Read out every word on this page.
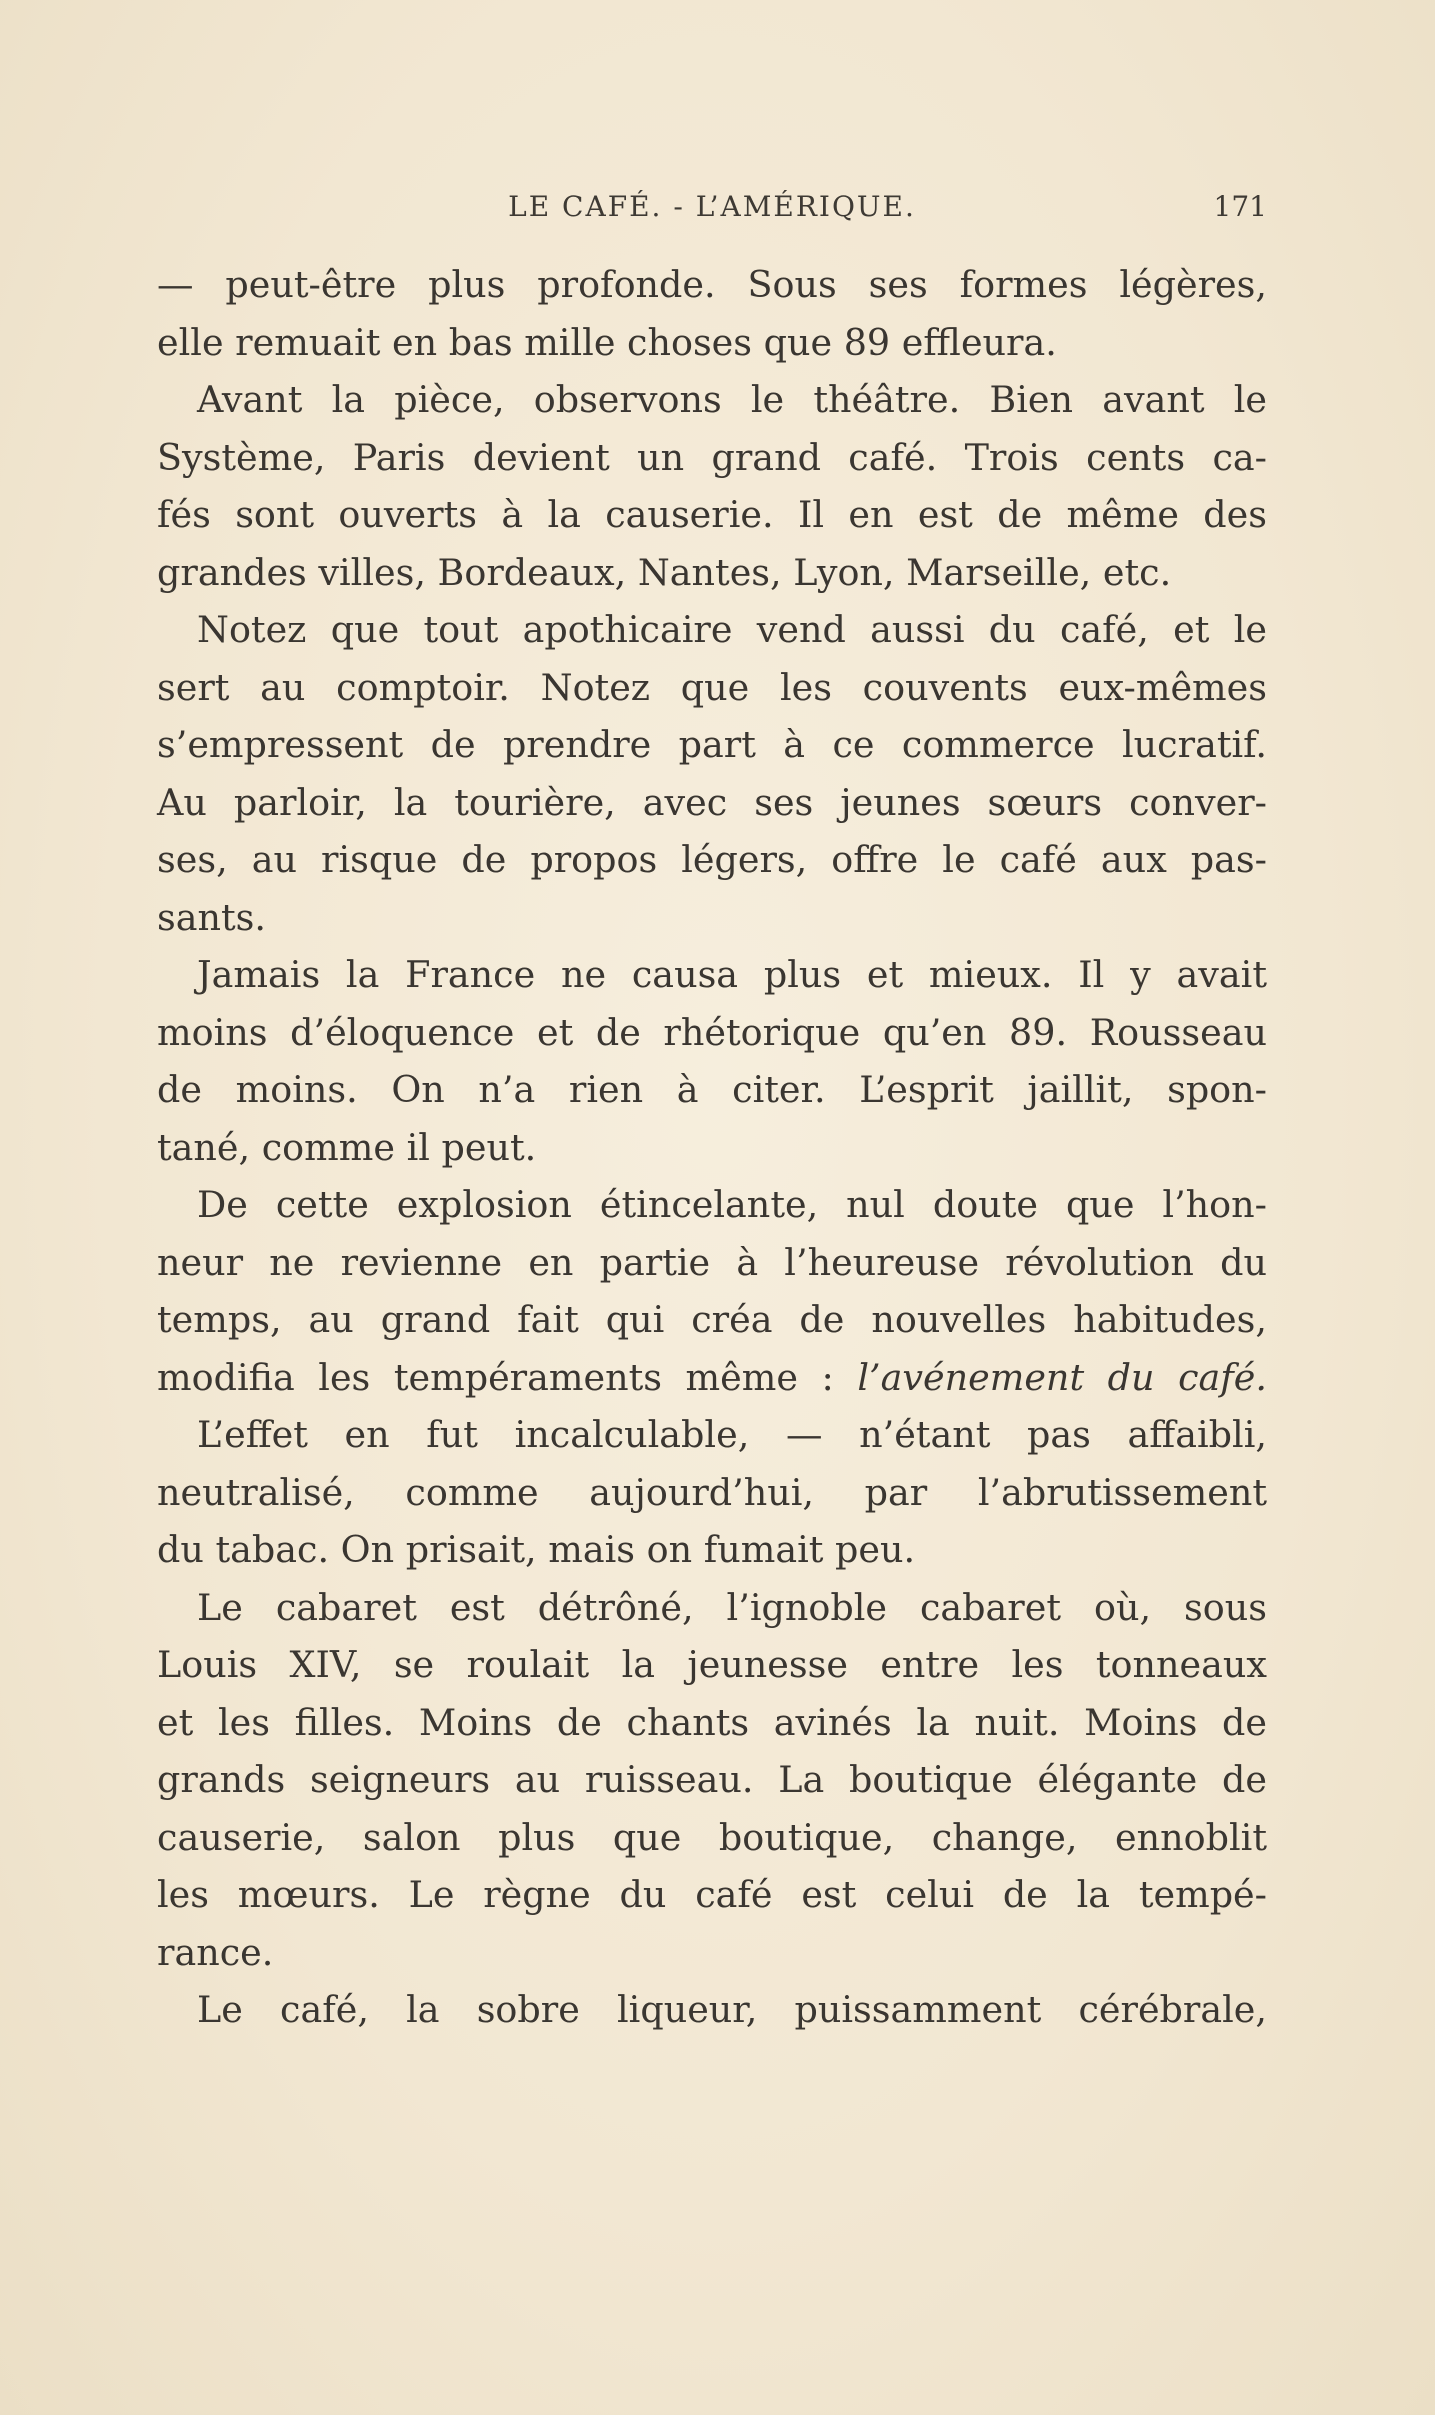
LE CAFÉ. - L’AMÉRIQUE.	171
— peut-être plus profonde. Sous ses formes légères,
elle remuait en bas mille choses que 89 effleura.
Avant la pièce, observons le théâtre. Bien avant le
Système, Paris devient un grand café. Trois cents ca-
fés sont ouverts à la causerie. Il en est de même des
grandes villes, Bordeaux, Nantes, Lyon, Marseille, etc.
Notez que tout apothicaire vend aussi du café, et le
sert au comptoir. Notez que les couvents eux-mêmes
s’empressent de prendre part à ce commerce lucratif.
Au parloir, la tourière, avec ses jeunes sœurs conver-
ses, au risque de propos légers, offre le café aux pas-
sants.
Jamais la France ne causa plus et mieux. Il y avait
moins d’éloquence et de rhétorique qu’en 89. Rousseau
de moins. On n’a rien à citer. L’esprit jaillit, spon-
tané, comme il peut.
De cette explosion étincelante, nul doute que l’hon-
neur ne revienne en partie à l’heureuse révolution du
temps, au grand fait qui créa de nouvelles habitudes,
modifia les tempéraments même : l’avénement du café.
L’effet en fut incalculable, — n’étant pas affaibli,
neutralisé, comme aujourd’hui, par l’abrutissement
du tabac. On prisait, mais on fumait peu.
Le cabaret est détrôné, l’ignoble cabaret où, sous
Louis XIV, se roulait la jeunesse entre les tonneaux
et les filles. Moins de chants avinés la nuit. Moins de
grands seigneurs au ruisseau. La boutique élégante de
causerie, salon plus que boutique, change, ennoblit
les mœurs. Le règne du café est celui de la tempé-
rance.
Le café, la sobre liqueur, puissamment cérébrale,
